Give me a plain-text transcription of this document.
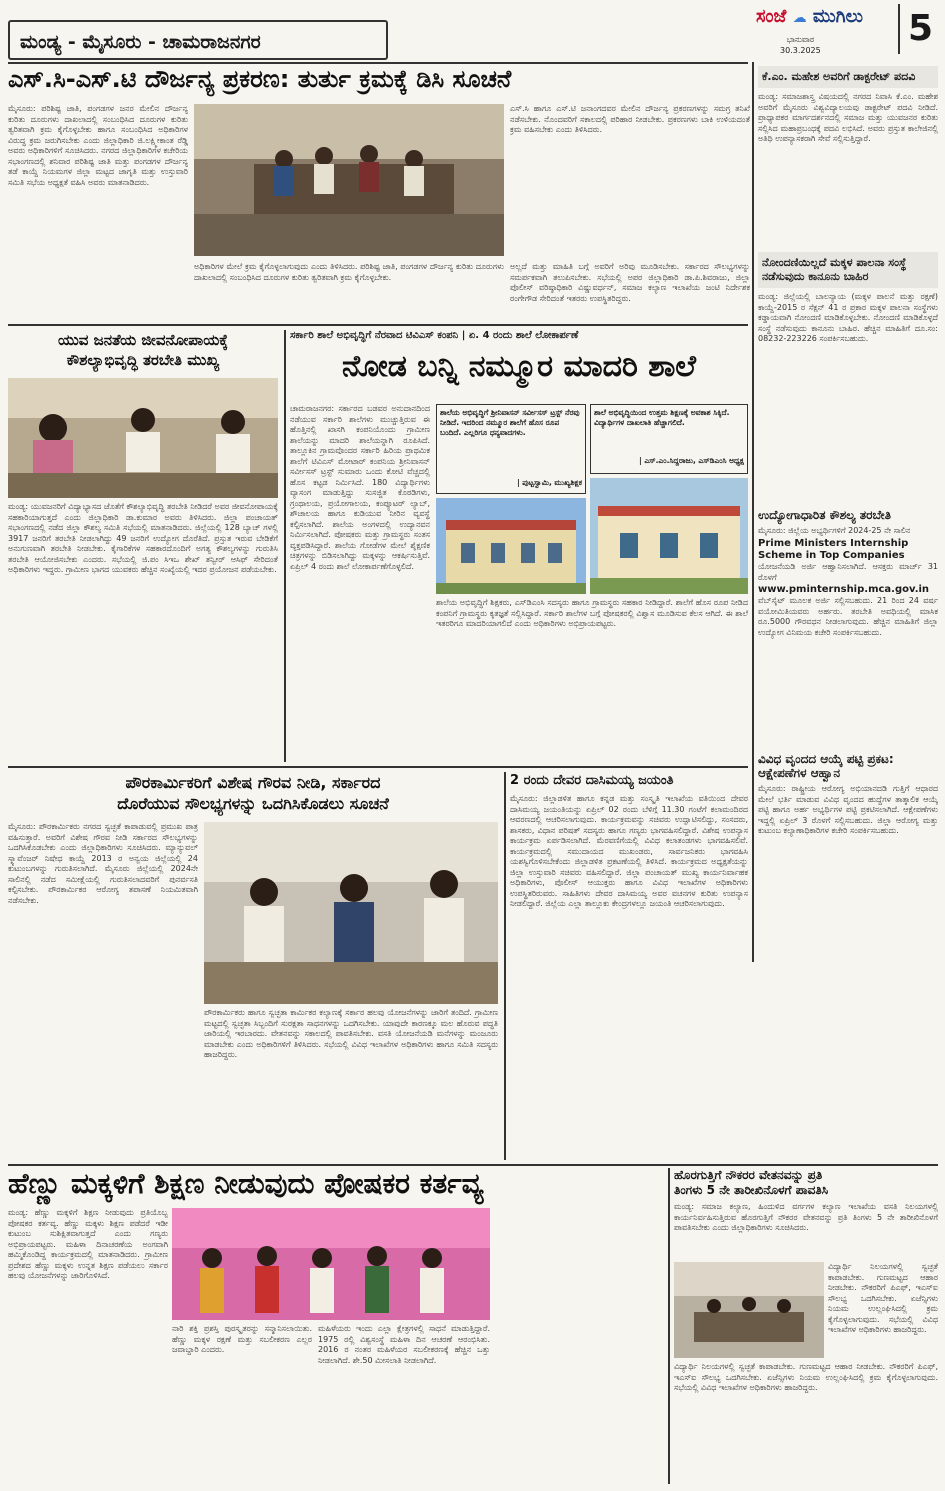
ಮಂಡ್ಯ - ಮೈಸೂರು - ಚಾಮರಾಜನಗರ
ಸಂಜೆ ☁ ಮುಗಿಲು
ಭಾನುವಾರ
30.3.2025
5
ಎಸ್.ಸಿ-ಎಸ್.ಟಿ ದೌರ್ಜನ್ಯ ಪ್ರಕರಣ: ತುರ್ತು ಕ್ರಮಕ್ಕೆ ಡಿಸಿ ಸೂಚನೆ
ಮೈಸೂರು: ಪರಿಶಿಷ್ಟ ಜಾತಿ, ಪಂಗಡಗಳ ಜನರ ಮೇಲಿನ ದೌರ್ಜನ್ಯ ಕುರಿತು ದೂರುಗಳು ದಾಖಲಾದಲ್ಲಿ ಸಂಬಂಧಿಸಿದ ದೂರುಗಳ ಕುರಿತು ತ್ವರಿತವಾಗಿ ಕ್ರಮ ಕೈಗೊಳ್ಳಬೇಕು ಹಾಗೂ ಸಂಬಂಧಿಸಿದ ಅಧಿಕಾರಿಗಳ ವಿರುದ್ಧ ಕ್ರಮ ಜರುಗಿಸಬೇಕು ಎಂದು ಜಿಲ್ಲಾಧಿಕಾರಿ ಜಿ.ಲಕ್ಷ್ಮೀಕಾಂತ ರೆಡ್ಡಿ ಅವರು ಅಧಿಕಾರಿಗಳಿಗೆ ಸೂಚಿಸಿದರು. ನಗರದ ಜಿಲ್ಲಾಧಿಕಾರಿಗಳ ಕಚೇರಿಯ ಸಭಾಂಗಣದಲ್ಲಿ ಶನಿವಾರ ಪರಿಶಿಷ್ಟ ಜಾತಿ ಮತ್ತು ಪಂಗಡಗಳ ದೌರ್ಜನ್ಯ ತಡೆ ಕಾಯ್ದೆ ನಿಯಮಗಳ ಜಿಲ್ಲಾ ಮಟ್ಟದ ಜಾಗೃತಿ ಮತ್ತು ಉಸ್ತುವಾರಿ ಸಮಿತಿ ಸಭೆಯ ಅಧ್ಯಕ್ಷತೆ ವಹಿಸಿ ಅವರು ಮಾತನಾಡಿದರು.
ಎಸ್.ಸಿ ಹಾಗೂ ಎಸ್.ಟಿ ಜನಾಂಗದವರ ಮೇಲಿನ ದೌರ್ಜನ್ಯ ಪ್ರಕರಣಗಳನ್ನು ಸಮಗ್ರ ತನಿಖೆ ನಡೆಸಬೇಕು. ನೊಂದವರಿಗೆ ಸಕಾಲದಲ್ಲಿ ಪರಿಹಾರ ನೀಡಬೇಕು. ಪ್ರಕರಣಗಳು ಬಾಕಿ ಉಳಿಯದಂತೆ ಕ್ರಮ ವಹಿಸಬೇಕು ಎಂದು ತಿಳಿಸಿದರು.
ಅಧಿಕಾರಿಗಳ ಮೇಲೆ ಕ್ರಮ ಕೈಗೊಳ್ಳಲಾಗುವುದು ಎಂದು ತಿಳಿಸಿದರು. ಪರಿಶಿಷ್ಟ ಜಾತಿ, ಪಂಗಡಗಳ ದೌರ್ಜನ್ಯ ಕುರಿತು ದೂರುಗಳು ದಾಖಲಾದಲ್ಲಿ ಸಂಬಂಧಿಸಿದ ದೂರುಗಳ ಕುರಿತು ತ್ವರಿತವಾಗಿ ಕ್ರಮ ಕೈಗೊಳ್ಳಬೇಕು.
ಅಲ್ಲದೆ ಮತ್ತು ಮಾಹಿತಿ ಬಗ್ಗೆ ಅವರಿಗೆ ಅರಿವು ಮೂಡಿಸಬೇಕು. ಸರ್ಕಾರದ ಸೌಲಭ್ಯಗಳನ್ನು ಸಮರ್ಪಕವಾಗಿ ತಲುಪಿಸಬೇಕು. ಸಭೆಯಲ್ಲಿ ಅಪರ ಜಿಲ್ಲಾಧಿಕಾರಿ ಡಾ.ಪಿ.ಶಿವರಾಜು, ಜಿಲ್ಲಾ ಪೊಲೀಸ್ ವರಿಷ್ಠಾಧಿಕಾರಿ ವಿಷ್ಣುವರ್ಧನ್, ಸಮಾಜ ಕಲ್ಯಾಣ ಇಲಾಖೆಯ ಜಂಟಿ ನಿರ್ದೇಶಕ ರಂಗೇಗೌಡ ಸೇರಿದಂತೆ ಇತರರು ಉಪಸ್ಥಿತರಿದ್ದರು.
ಕೆ.ಎಂ. ಮಹೇಶ ಅವರಿಗೆ ಡಾಕ್ಟರೇಟ್ ಪದವಿ
ಮಂಡ್ಯ: ಸಮಾಜಶಾಸ್ತ್ರ ವಿಷಯದಲ್ಲಿ ನಗರದ ನಿವಾಸಿ ಕೆ.ಎಂ. ಮಹೇಶ ಅವರಿಗೆ ಮೈಸೂರು ವಿಶ್ವವಿದ್ಯಾಲಯವು ಡಾಕ್ಟರೇಟ್ ಪದವಿ ನೀಡಿದೆ. ಪ್ರಾಧ್ಯಾಪಕರ ಮಾರ್ಗದರ್ಶನದಲ್ಲಿ ಸಮಾಜ ಮತ್ತು ಯುವಜನರ ಕುರಿತು ಸಲ್ಲಿಸಿದ ಮಹಾಪ್ರಬಂಧಕ್ಕೆ ಪದವಿ ಲಭಿಸಿದೆ. ಅವರು ಪ್ರಸ್ತುತ ಕಾಲೇಜಿನಲ್ಲಿ ಅತಿಥಿ ಉಪನ್ಯಾಸಕರಾಗಿ ಸೇವೆ ಸಲ್ಲಿಸುತ್ತಿದ್ದಾರೆ.
ನೋಂದಣಿಯಿಲ್ಲದೆ ಮಕ್ಕಳ ಪಾಲನಾ ಸಂಸ್ಥೆ ನಡೆಸುವುದು ಕಾನೂನು ಬಾಹಿರ
ಮಂಡ್ಯ: ಜಿಲ್ಲೆಯಲ್ಲಿ ಬಾಲನ್ಯಾಯ (ಮಕ್ಕಳ ಪಾಲನೆ ಮತ್ತು ರಕ್ಷಣೆ) ಕಾಯ್ದೆ-2015 ರ ಸೆಕ್ಷನ್ 41 ರ ಪ್ರಕಾರ ಮಕ್ಕಳ ಪಾಲನಾ ಸಂಸ್ಥೆಗಳು ಕಡ್ಡಾಯವಾಗಿ ನೋಂದಣಿ ಮಾಡಿಕೊಳ್ಳಬೇಕು. ನೋಂದಣಿ ಮಾಡಿಕೊಳ್ಳದೆ ಸಂಸ್ಥೆ ನಡೆಸುವುದು ಕಾನೂನು ಬಾಹಿರ. ಹೆಚ್ಚಿನ ಮಾಹಿತಿಗೆ ದೂ.ಸಂ: 08232-223226 ಸಂಪರ್ಕಿಸಬಹುದು.
ಉದ್ಯೋಗಾಧಾರಿತ ಕೌಶಲ್ಯ ತರಬೇತಿ
ಮೈಸೂರು: ಜಿಲ್ಲೆಯ ಅಭ್ಯರ್ಥಿಗಳಿಗೆ 2024-25 ನೇ ಸಾಲಿನ
Prime Ministers Internship Scheme in Top Companies
ಯೋಜನೆಯಡಿ ಅರ್ಜಿ ಆಹ್ವಾನಿಸಲಾಗಿದೆ. ಆಸಕ್ತರು ಮಾರ್ಚ್ 31 ರೊಳಗೆ
www.pminternship.mca.gov.in
ವೆಬ್‌ಸೈಟ್ ಮೂಲಕ ಅರ್ಜಿ ಸಲ್ಲಿಸಬಹುದು. 21 ರಿಂದ 24 ವರ್ಷ ವಯೋಮಿತಿಯವರು ಅರ್ಹರು. ತರಬೇತಿ ಅವಧಿಯಲ್ಲಿ ಮಾಸಿಕ ರೂ.5000 ಗೌರವಧನ ನೀಡಲಾಗುವುದು. ಹೆಚ್ಚಿನ ಮಾಹಿತಿಗೆ ಜಿಲ್ಲಾ ಉದ್ಯೋಗ ವಿನಿಮಯ ಕಚೇರಿ ಸಂಪರ್ಕಿಸಬಹುದು.
ವಿವಿಧ ವೃಂದದ ಆಯ್ಕೆ ಪಟ್ಟಿ ಪ್ರಕಟ: ಆಕ್ಷೇಪಣೆಗಳ ಆಹ್ವಾನ
ಮೈಸೂರು: ರಾಷ್ಟ್ರೀಯ ಆರೋಗ್ಯ ಅಭಿಯಾನದಡಿ ಗುತ್ತಿಗೆ ಆಧಾರದ ಮೇಲೆ ಭರ್ತಿ ಮಾಡುವ ವಿವಿಧ ವೃಂದದ ಹುದ್ದೆಗಳ ತಾತ್ಕಾಲಿಕ ಆಯ್ಕೆ ಪಟ್ಟಿ ಹಾಗೂ ಅರ್ಹ ಅಭ್ಯರ್ಥಿಗಳ ಪಟ್ಟಿ ಪ್ರಕಟಿಸಲಾಗಿದೆ. ಆಕ್ಷೇಪಣೆಗಳು ಇದ್ದಲ್ಲಿ ಏಪ್ರಿಲ್ 3 ರೊಳಗೆ ಸಲ್ಲಿಸಬಹುದು. ಜಿಲ್ಲಾ ಆರೋಗ್ಯ ಮತ್ತು ಕುಟುಂಬ ಕಲ್ಯಾಣಾಧಿಕಾರಿಗಳ ಕಚೇರಿ ಸಂಪರ್ಕಿಸಬಹುದು.
ಯುವ ಜನತೆಯ ಜೀವನೋಪಾಯಕ್ಕೆ
ಕೌಶಲ್ಯಾಭಿವೃದ್ಧಿ ತರಬೇತಿ ಮುಖ್ಯ
ಮಂಡ್ಯ: ಯುವಜನರಿಗೆ ವಿದ್ಯಾಭ್ಯಾಸದ ಜೊತೆಗೆ ಕೌಶಲ್ಯಾಭಿವೃದ್ಧಿ ತರಬೇತಿ ನೀಡಿದರೆ ಅವರ ಜೀವನೋಪಾಯಕ್ಕೆ ಸಹಕಾರಿಯಾಗುತ್ತದೆ ಎಂದು ಜಿಲ್ಲಾಧಿಕಾರಿ ಡಾ.ಕುಮಾರ ಅವರು ತಿಳಿಸಿದರು. ಜಿಲ್ಲಾ ಪಂಚಾಯತ್ ಸಭಾಂಗಣದಲ್ಲಿ ನಡೆದ ಜಿಲ್ಲಾ ಕೌಶಲ್ಯ ಸಮಿತಿ ಸಭೆಯಲ್ಲಿ ಮಾತನಾಡಿದರು. ಜಿಲ್ಲೆಯಲ್ಲಿ 128 ಬ್ಯಾಚ್ ಗಳಲ್ಲಿ 3917 ಜನರಿಗೆ ತರಬೇತಿ ನೀಡಲಾಗಿದ್ದು 49 ಜನರಿಗೆ ಉದ್ಯೋಗ ದೊರೆತಿದೆ. ಪ್ರಸ್ತುತ ಇರುವ ಬೇಡಿಕೆಗೆ ಅನುಗುಣವಾಗಿ ತರಬೇತಿ ನೀಡಬೇಕು. ಕೈಗಾರಿಕೆಗಳ ಸಹಕಾರದೊಂದಿಗೆ ಅಗತ್ಯ ಕೌಶಲ್ಯಗಳನ್ನು ಗುರುತಿಸಿ ತರಬೇತಿ ಆಯೋಜಿಸಬೇಕು ಎಂದರು. ಸಭೆಯಲ್ಲಿ ಜಿ.ಪಂ ಸಿಇಒ ಶೇಖ್ ತನ್ವೀರ್ ಆಸಿಫ್ ಸೇರಿದಂತೆ ಅಧಿಕಾರಿಗಳು ಇದ್ದರು. ಗ್ರಾಮೀಣ ಭಾಗದ ಯುವಕರು ಹೆಚ್ಚಿನ ಸಂಖ್ಯೆಯಲ್ಲಿ ಇದರ ಪ್ರಯೋಜನ ಪಡೆಯಬೇಕು.
ಸರ್ಕಾರಿ ಶಾಲೆ ಅಭಿವೃದ್ಧಿಗೆ ನೆರವಾದ ಟಿವಿಎಸ್ ಕಂಪನಿ | ಏ. 4 ರಂದು ಶಾಲೆ ಲೋಕಾರ್ಪಣೆ
ನೋಡ ಬನ್ನಿ ನಮ್ಮೂರ ಮಾದರಿ ಶಾಲೆ
ಚಾಮರಾಜನಗರ: ಸರ್ಕಾರದ ಬಡವರ ಅನುದಾನದಿಂದ ನಡೆಯುವ ಸರ್ಕಾರಿ ಶಾಲೆಗಳು ಮುಚ್ಚುತ್ತಿರುವ ಈ ಹೊತ್ತಿನಲ್ಲಿ ಖಾಸಗಿ ಕಂಪನಿಯೊಂದು ಗ್ರಾಮೀಣ ಶಾಲೆಯನ್ನು ಮಾದರಿ ಶಾಲೆಯನ್ನಾಗಿ ರೂಪಿಸಿದೆ. ತಾಲ್ಲೂಕಿನ ಗ್ರಾಮವೊಂದರ ಸರ್ಕಾರಿ ಹಿರಿಯ ಪ್ರಾಥಮಿಕ ಶಾಲೆಗೆ ಟಿವಿಎಸ್ ಮೋಟಾರ್ ಕಂಪನಿಯ ಶ್ರೀನಿವಾಸನ್ ಸರ್ವೀಸಸ್ ಟ್ರಸ್ಟ್ ಸುಮಾರು ಒಂದು ಕೋಟಿ ವೆಚ್ಚದಲ್ಲಿ ಹೊಸ ಕಟ್ಟಡ ನಿರ್ಮಿಸಿದೆ. 180 ವಿದ್ಯಾರ್ಥಿಗಳು ವ್ಯಾಸಂಗ ಮಾಡುತ್ತಿದ್ದು ಸುಸಜ್ಜಿತ ಕೊಠಡಿಗಳು, ಗ್ರಂಥಾಲಯ, ಪ್ರಯೋಗಾಲಯ, ಕಂಪ್ಯೂಟರ್ ಲ್ಯಾಬ್, ಶೌಚಾಲಯ ಹಾಗೂ ಕುಡಿಯುವ ನೀರಿನ ವ್ಯವಸ್ಥೆ ಕಲ್ಪಿಸಲಾಗಿದೆ. ಶಾಲೆಯ ಅಂಗಳದಲ್ಲಿ ಉದ್ಯಾನವನ ನಿರ್ಮಿಸಲಾಗಿದೆ. ಪೋಷಕರು ಮತ್ತು ಗ್ರಾಮಸ್ಥರು ಸಂತಸ ವ್ಯಕ್ತಪಡಿಸಿದ್ದಾರೆ. ಶಾಲೆಯ ಗೋಡೆಗಳ ಮೇಲೆ ಶೈಕ್ಷಣಿಕ ಚಿತ್ರಗಳನ್ನು ಬಿಡಿಸಲಾಗಿದ್ದು ಮಕ್ಕಳನ್ನು ಆಕರ್ಷಿಸುತ್ತಿವೆ. ಏಪ್ರಿಲ್ 4 ರಂದು ಶಾಲೆ ಲೋಕಾರ್ಪಣೆಗೊಳ್ಳಲಿದೆ.
ಶಾಲೆಯ ಅಭಿವೃದ್ಧಿಗೆ ಶ್ರೀನಿವಾಸನ್ ಸರ್ವೀಸಸ್ ಟ್ರಸ್ಟ್ ನೆರವು ನೀಡಿದೆ. ಇದರಿಂದ ನಮ್ಮೂರ ಶಾಲೆಗೆ ಹೊಸ ರೂಪ ಬಂದಿದೆ. ಎಲ್ಲರಿಗೂ ಧನ್ಯವಾದಗಳು.
| ಪುಟ್ಟಸ್ವಾಮಿ, ಮುಖ್ಯಶಿಕ್ಷಕ
ಶಾಲೆ ಅಭಿವೃದ್ಧಿಯಿಂದ ಉತ್ತಮ ಶಿಕ್ಷಣಕ್ಕೆ ಅವಕಾಶ ಸಿಕ್ಕಿದೆ. ವಿದ್ಯಾರ್ಥಿಗಳ ದಾಖಲಾತಿ ಹೆಚ್ಚಾಗಲಿದೆ.
| ಎಸ್.ಎಂ.ಸಿದ್ದರಾಜು, ಎಸ್‌ಡಿಎಂಸಿ ಅಧ್ಯಕ್ಷ
ಶಾಲೆಯ ಅಭಿವೃದ್ಧಿಗೆ ಶಿಕ್ಷಕರು, ಎಸ್‌ಡಿಎಂಸಿ ಸದಸ್ಯರು ಹಾಗೂ ಗ್ರಾಮಸ್ಥರು ಸಹಕಾರ ನೀಡಿದ್ದಾರೆ. ಶಾಲೆಗೆ ಹೊಸ ರೂಪ ನೀಡಿದ ಕಂಪನಿಗೆ ಗ್ರಾಮಸ್ಥರು ಕೃತಜ್ಞತೆ ಸಲ್ಲಿಸಿದ್ದಾರೆ. ಸರ್ಕಾರಿ ಶಾಲೆಗಳ ಬಗ್ಗೆ ಪೋಷಕರಲ್ಲಿ ವಿಶ್ವಾಸ ಮೂಡಿಸುವ ಕೆಲಸ ಆಗಿದೆ. ಈ ಶಾಲೆ ಇತರರಿಗೂ ಮಾದರಿಯಾಗಲಿದೆ ಎಂದು ಅಧಿಕಾರಿಗಳು ಅಭಿಪ್ರಾಯಪಟ್ಟರು.
ಪೌರಕಾರ್ಮಿಕರಿಗೆ ವಿಶೇಷ ಗೌರವ ನೀಡಿ, ಸರ್ಕಾರದ
ದೊರೆಯುವ ಸೌಲಭ್ಯಗಳನ್ನು ಒದಗಿಸಿಕೊಡಲು ಸೂಚನೆ
ಮೈಸೂರು: ಪೌರಕಾರ್ಮಿಕರು ನಗರದ ಸ್ವಚ್ಛತೆ ಕಾಪಾಡುವಲ್ಲಿ ಪ್ರಮುಖ ಪಾತ್ರ ವಹಿಸುತ್ತಾರೆ. ಅವರಿಗೆ ವಿಶೇಷ ಗೌರವ ನೀಡಿ ಸರ್ಕಾರದ ಸೌಲಭ್ಯಗಳನ್ನು ಒದಗಿಸಿಕೊಡಬೇಕು ಎಂದು ಜಿಲ್ಲಾಧಿಕಾರಿಗಳು ಸೂಚಿಸಿದರು. ಮ್ಯಾನ್ಯುವಲ್ ಸ್ಕ್ಯಾವೆಂಜರ್ ನಿಷೇಧ ಕಾಯ್ದೆ 2013 ರ ಅನ್ವಯ ಜಿಲ್ಲೆಯಲ್ಲಿ 24 ಕುಟುಂಬಗಳನ್ನು ಗುರುತಿಸಲಾಗಿದೆ. ಮೈಸೂರು ಜಿಲ್ಲೆಯಲ್ಲಿ 2024ನೇ ಸಾಲಿನಲ್ಲಿ ನಡೆದ ಸಮೀಕ್ಷೆಯಲ್ಲಿ ಗುರುತಿಸಲಾದವರಿಗೆ ಪುನರ್ವಸತಿ ಕಲ್ಪಿಸಬೇಕು. ಪೌರಕಾರ್ಮಿಕರ ಆರೋಗ್ಯ ತಪಾಸಣೆ ನಿಯಮಿತವಾಗಿ ನಡೆಸಬೇಕು.
ಪೌರಕಾರ್ಮಿಕರು ಹಾಗೂ ಸ್ವಚ್ಛತಾ ಕಾರ್ಮಿಕರ ಕಲ್ಯಾಣಕ್ಕೆ ಸರ್ಕಾರ ಹಲವು ಯೋಜನೆಗಳನ್ನು ಜಾರಿಗೆ ತಂದಿದೆ. ಗ್ರಾಮೀಣ ಮಟ್ಟದಲ್ಲಿ ಸ್ವಚ್ಛತಾ ಸಿಬ್ಬಂದಿಗೆ ಸುರಕ್ಷತಾ ಸಾಧನಗಳನ್ನು ಒದಗಿಸಬೇಕು. ಯಾವುದೇ ಕಾರಣಕ್ಕೂ ಮಲ ಹೊರುವ ಪದ್ಧತಿ ಜಾರಿಯಲ್ಲಿ ಇರಬಾರದು. ವೇತನವನ್ನು ಸಕಾಲದಲ್ಲಿ ಪಾವತಿಸಬೇಕು. ವಸತಿ ಯೋಜನೆಯಡಿ ಮನೆಗಳನ್ನು ಮಂಜೂರು ಮಾಡಬೇಕು ಎಂದು ಅಧಿಕಾರಿಗಳಿಗೆ ತಿಳಿಸಿದರು. ಸಭೆಯಲ್ಲಿ ವಿವಿಧ ಇಲಾಖೆಗಳ ಅಧಿಕಾರಿಗಳು ಹಾಗೂ ಸಮಿತಿ ಸದಸ್ಯರು ಹಾಜರಿದ್ದರು.
2 ರಂದು ದೇವರ ದಾಸಿಮಯ್ಯ ಜಯಂತಿ
ಮೈಸೂರು: ಜಿಲ್ಲಾಡಳಿತ ಹಾಗೂ ಕನ್ನಡ ಮತ್ತು ಸಂಸ್ಕೃತಿ ಇಲಾಖೆಯ ವತಿಯಿಂದ ದೇವರ ದಾಸಿಮಯ್ಯ ಜಯಂತಿಯನ್ನು ಏಪ್ರಿಲ್ 02 ರಂದು ಬೆಳಿಗ್ಗೆ 11.30 ಗಂಟೆಗೆ ಕಲಾಮಂದಿರದ ಆವರಣದಲ್ಲಿ ಆಚರಿಸಲಾಗುವುದು. ಕಾರ್ಯಕ್ರಮವನ್ನು ಸಚಿವರು ಉದ್ಘಾಟಿಸಲಿದ್ದು, ಸಂಸದರು, ಶಾಸಕರು, ವಿಧಾನ ಪರಿಷತ್ ಸದಸ್ಯರು ಹಾಗೂ ಗಣ್ಯರು ಭಾಗವಹಿಸಲಿದ್ದಾರೆ. ವಿಶೇಷ ಉಪನ್ಯಾಸ ಕಾರ್ಯಕ್ರಮ ಏರ್ಪಡಿಸಲಾಗಿದೆ. ಮೆರವಣಿಗೆಯಲ್ಲಿ ವಿವಿಧ ಕಲಾತಂಡಗಳು ಭಾಗವಹಿಸಲಿವೆ. ಕಾರ್ಯಕ್ರಮದಲ್ಲಿ ಸಮುದಾಯದ ಮುಖಂಡರು, ಸಾರ್ವಜನಿಕರು ಭಾಗವಹಿಸಿ ಯಶಸ್ವಿಗೊಳಿಸಬೇಕೆಂದು ಜಿಲ್ಲಾಡಳಿತ ಪ್ರಕಟಣೆಯಲ್ಲಿ ತಿಳಿಸಿದೆ. ಕಾರ್ಯಕ್ರಮದ ಅಧ್ಯಕ್ಷತೆಯನ್ನು ಜಿಲ್ಲಾ ಉಸ್ತುವಾರಿ ಸಚಿವರು ವಹಿಸಲಿದ್ದಾರೆ. ಜಿಲ್ಲಾ ಪಂಚಾಯತ್ ಮುಖ್ಯ ಕಾರ್ಯನಿರ್ವಾಹಕ ಅಧಿಕಾರಿಗಳು, ಪೊಲೀಸ್ ಆಯುಕ್ತರು ಹಾಗೂ ವಿವಿಧ ಇಲಾಖೆಗಳ ಅಧಿಕಾರಿಗಳು ಉಪಸ್ಥಿತರಿರುವರು. ಸಾಹಿತಿಗಳು ದೇವರ ದಾಸಿಮಯ್ಯ ಅವರ ವಚನಗಳ ಕುರಿತು ಉಪನ್ಯಾಸ ನೀಡಲಿದ್ದಾರೆ. ಜಿಲ್ಲೆಯ ಎಲ್ಲಾ ತಾಲ್ಲೂಕು ಕೇಂದ್ರಗಳಲ್ಲೂ ಜಯಂತಿ ಆಚರಿಸಲಾಗುವುದು.
ಹೆಣ್ಣು ಮಕ್ಕಳಿಗೆ ಶಿಕ್ಷಣ ನೀಡುವುದು ಪೋಷಕರ ಕರ್ತವ್ಯ
ಮಂಡ್ಯ: ಹೆಣ್ಣು ಮಕ್ಕಳಿಗೆ ಶಿಕ್ಷಣ ನೀಡುವುದು ಪ್ರತಿಯೊಬ್ಬ ಪೋಷಕರ ಕರ್ತವ್ಯ. ಹೆಣ್ಣು ಮಕ್ಕಳು ಶಿಕ್ಷಣ ಪಡೆದರೆ ಇಡೀ ಕುಟುಂಬ ಸುಶಿಕ್ಷಿತವಾಗುತ್ತದೆ ಎಂದು ಗಣ್ಯರು ಅಭಿಪ್ರಾಯಪಟ್ಟರು. ಮಹಿಳಾ ದಿನಾಚರಣೆಯ ಅಂಗವಾಗಿ ಹಮ್ಮಿಕೊಂಡಿದ್ದ ಕಾರ್ಯಕ್ರಮದಲ್ಲಿ ಮಾತನಾಡಿದರು. ಗ್ರಾಮೀಣ ಪ್ರದೇಶದ ಹೆಣ್ಣು ಮಕ್ಕಳು ಉನ್ನತ ಶಿಕ್ಷಣ ಪಡೆಯಲು ಸರ್ಕಾರ ಹಲವು ಯೋಜನೆಗಳನ್ನು ಜಾರಿಗೊಳಿಸಿದೆ.
ನಾರಿ ಶಕ್ತಿ ಪ್ರಶಸ್ತಿ ಪುರಸ್ಕೃತರನ್ನು ಸನ್ಮಾನಿಸಲಾಯಿತು. ಹೆಣ್ಣು ಮಕ್ಕಳ ರಕ್ಷಣೆ ಮತ್ತು ಸಬಲೀಕರಣ ಎಲ್ಲರ ಜವಾಬ್ದಾರಿ ಎಂದರು.
ಮಹಿಳೆಯರು ಇಂದು ಎಲ್ಲಾ ಕ್ಷೇತ್ರಗಳಲ್ಲಿ ಸಾಧನೆ ಮಾಡುತ್ತಿದ್ದಾರೆ. 1975 ರಲ್ಲಿ ವಿಶ್ವಸಂಸ್ಥೆ ಮಹಿಳಾ ದಿನ ಆಚರಣೆ ಆರಂಭಿಸಿತು. 2016 ರ ನಂತರ ಮಹಿಳೆಯರ ಸಬಲೀಕರಣಕ್ಕೆ ಹೆಚ್ಚಿನ ಒತ್ತು ನೀಡಲಾಗಿದೆ. ಶೇ.50 ಮೀಸಲಾತಿ ನೀಡಲಾಗಿದೆ.
ಹೊರಗುತ್ತಿಗೆ ನೌಕರರ ವೇತನವನ್ನು ಪ್ರತಿ
ತಿಂಗಳು 5 ನೇ ತಾರೀಖಿನೊಳಗೆ ಪಾವತಿಸಿ
ಮಂಡ್ಯ: ಸಮಾಜ ಕಲ್ಯಾಣ, ಹಿಂದುಳಿದ ವರ್ಗಗಳ ಕಲ್ಯಾಣ ಇಲಾಖೆಯ ವಸತಿ ನಿಲಯಗಳಲ್ಲಿ ಕಾರ್ಯನಿರ್ವಹಿಸುತ್ತಿರುವ ಹೊರಗುತ್ತಿಗೆ ನೌಕರರ ವೇತನವನ್ನು ಪ್ರತಿ ತಿಂಗಳು 5 ನೇ ತಾರೀಖಿನೊಳಗೆ ಪಾವತಿಸಬೇಕು ಎಂದು ಜಿಲ್ಲಾಧಿಕಾರಿಗಳು ಸೂಚಿಸಿದರು.
ವಿದ್ಯಾರ್ಥಿ ನಿಲಯಗಳಲ್ಲಿ ಸ್ವಚ್ಛತೆ ಕಾಪಾಡಬೇಕು. ಗುಣಮಟ್ಟದ ಆಹಾರ ನೀಡಬೇಕು. ನೌಕರರಿಗೆ ಪಿಎಫ್, ಇಎಸ್ಐ ಸೌಲಭ್ಯ ಒದಗಿಸಬೇಕು. ಏಜೆನ್ಸಿಗಳು ನಿಯಮ ಉಲ್ಲಂಘಿಸಿದಲ್ಲಿ ಕ್ರಮ ಕೈಗೊಳ್ಳಲಾಗುವುದು. ಸಭೆಯಲ್ಲಿ ವಿವಿಧ ಇಲಾಖೆಗಳ ಅಧಿಕಾರಿಗಳು ಹಾಜರಿದ್ದರು.
ವಿದ್ಯಾರ್ಥಿ ನಿಲಯಗಳಲ್ಲಿ ಸ್ವಚ್ಛತೆ ಕಾಪಾಡಬೇಕು. ಗುಣಮಟ್ಟದ ಆಹಾರ ನೀಡಬೇಕು. ನೌಕರರಿಗೆ ಪಿಎಫ್, ಇಎಸ್ಐ ಸೌಲಭ್ಯ ಒದಗಿಸಬೇಕು. ಏಜೆನ್ಸಿಗಳು ನಿಯಮ ಉಲ್ಲಂಘಿಸಿದಲ್ಲಿ ಕ್ರಮ ಕೈಗೊಳ್ಳಲಾಗುವುದು. ಸಭೆಯಲ್ಲಿ ವಿವಿಧ ಇಲಾಖೆಗಳ ಅಧಿಕಾರಿಗಳು ಹಾಜರಿದ್ದರು.
